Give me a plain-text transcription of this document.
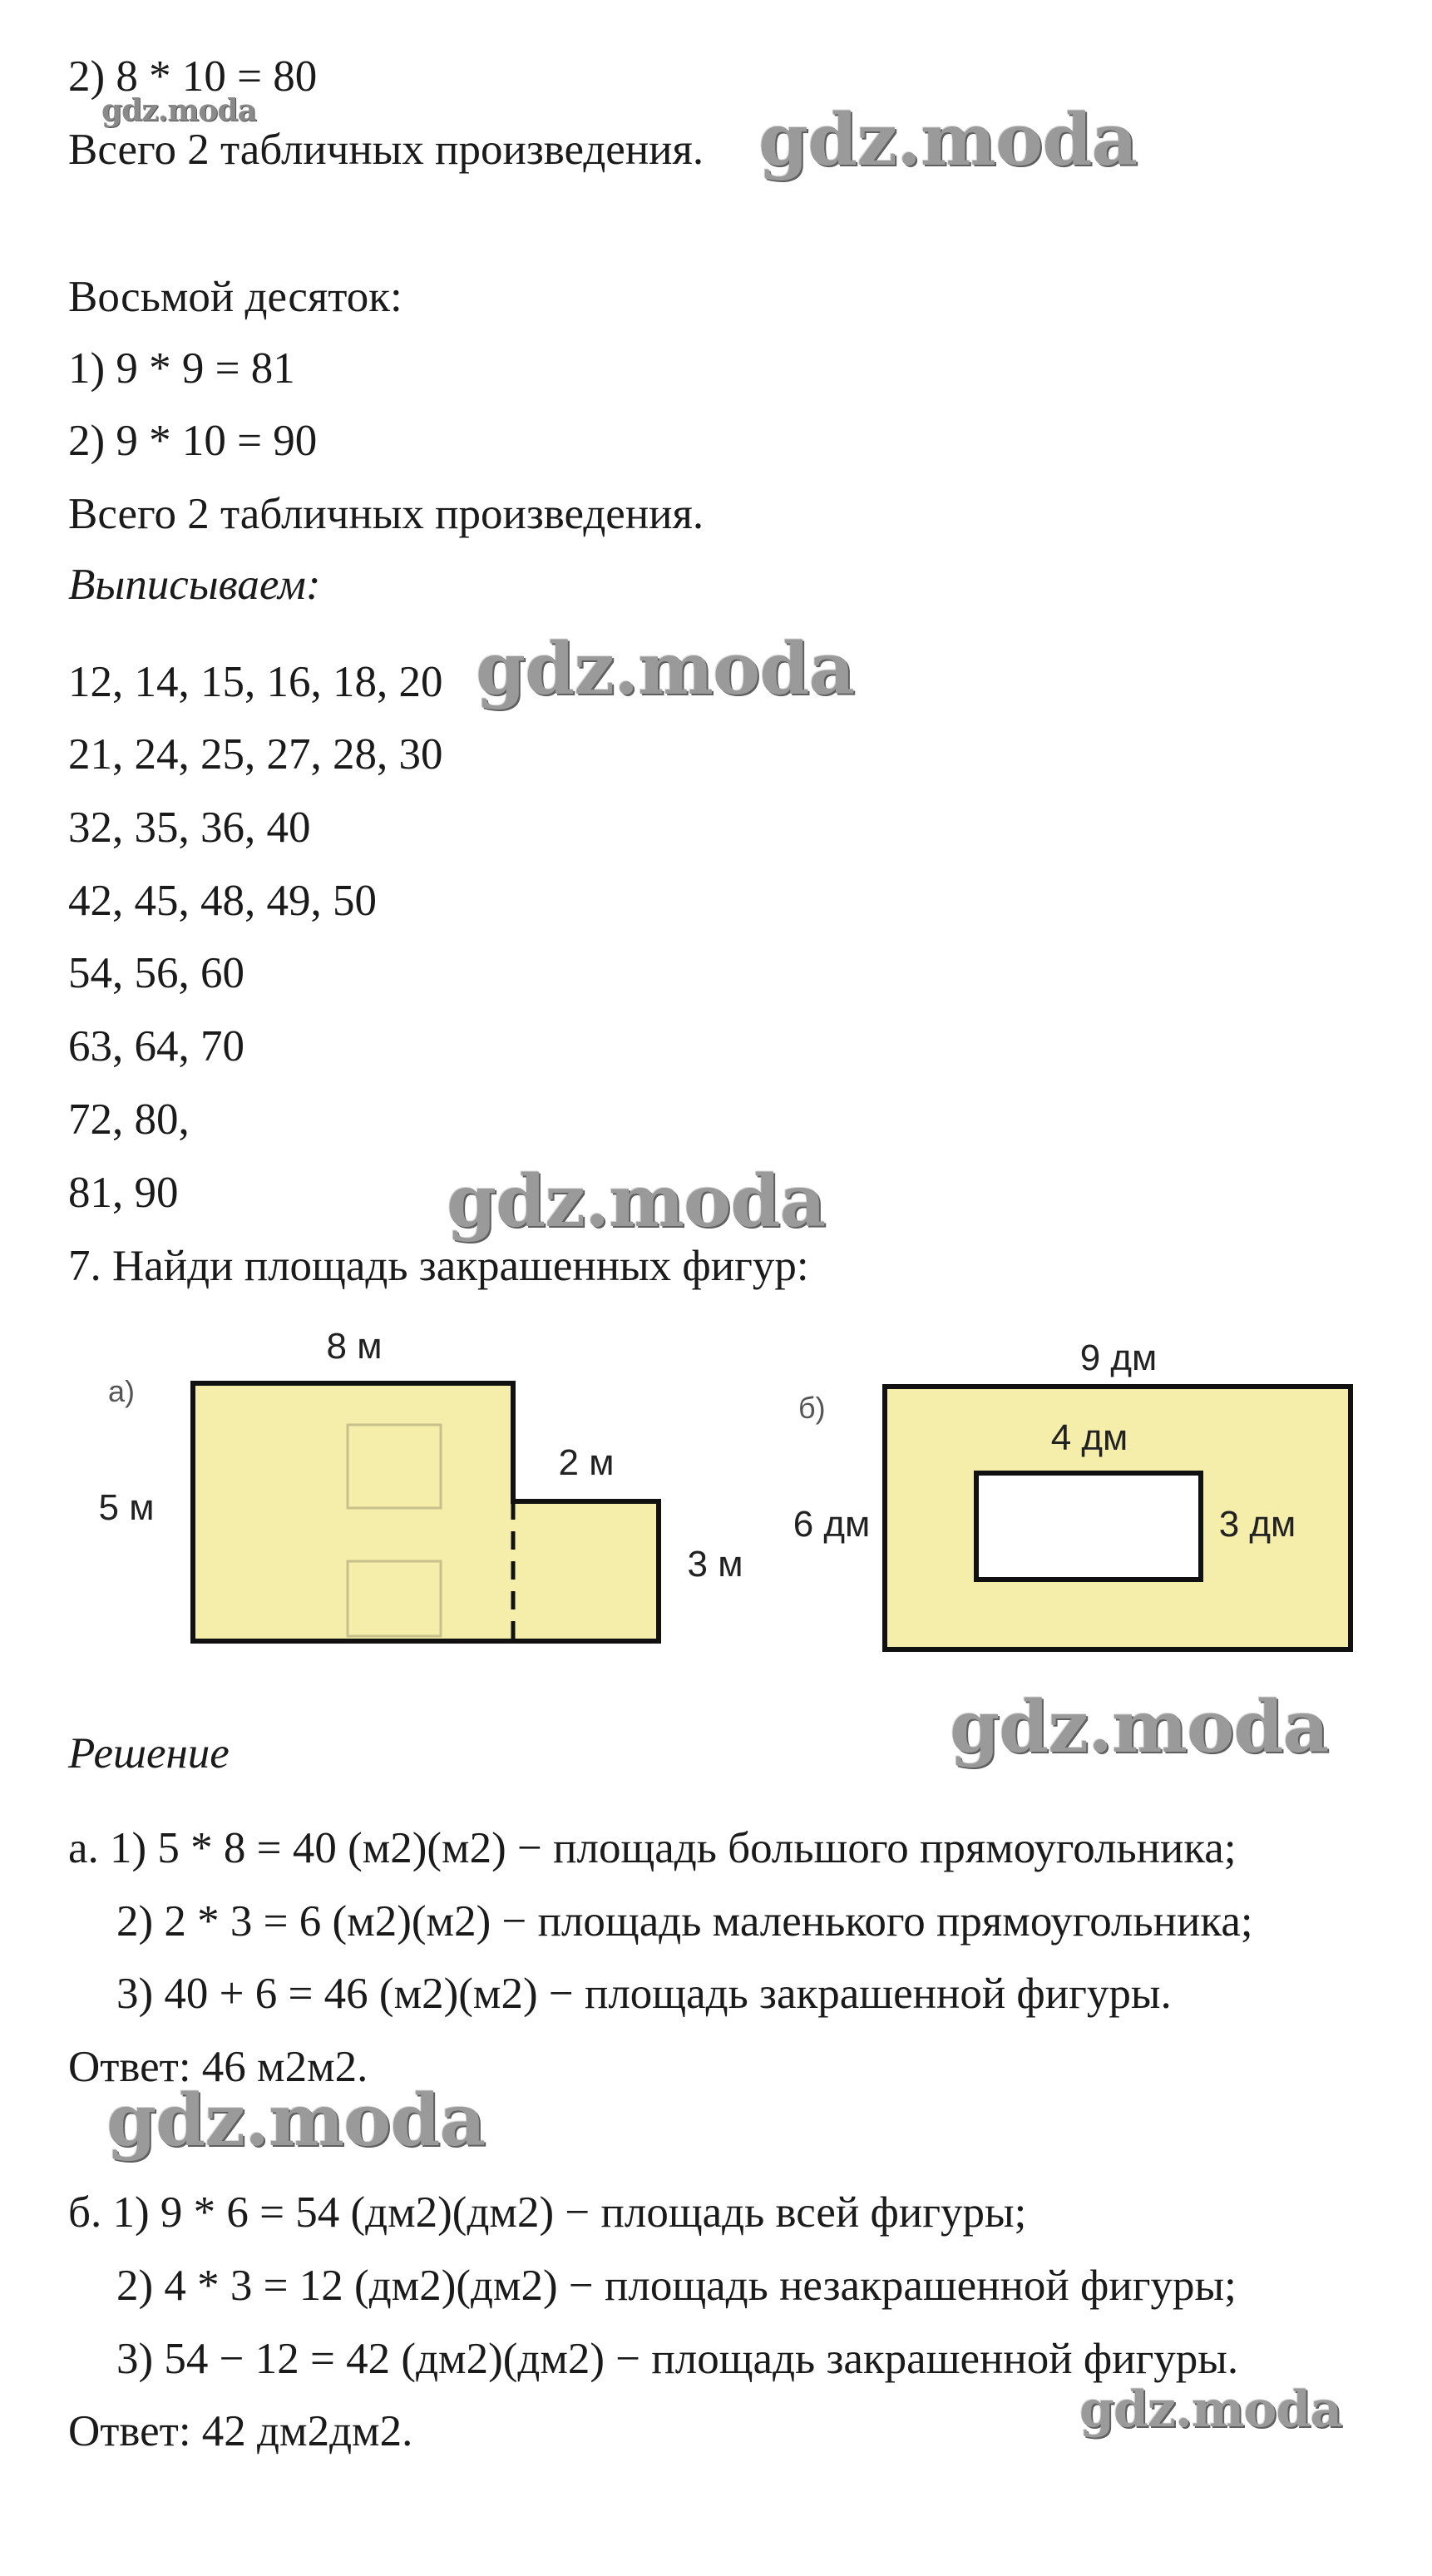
2) 8 * 10 = 80
gdz.moda
Всего 2 табличных произведения. gdz.moda
Восьмой десяток:
1) 9 * 9 = 81
2) 9 * 10 = 90
Всего 2 табличных произведения.
Выписываем:
12, 14, 15, 16, 18, 20 gdz.moda
21, 24, 25, 27, 28, 30
32, 35, 36, 40
42, 45, 48, 49, 50
54, 56, 60
63, 64, 70
72, 80,
81, 90	gdz.moda
7. Найди площадь закрашенных фигур:
а)
8 м
5 м
2 м
3 м
б)
9 дм
4 дм
6 дм	3 дм
Решение	gdz.moda
а. 1) 5 * 8 = 40 (м2)(м2) − площадь большого прямоугольника;
2) 2 * 3 = 6 (м2)(м2) − площадь маленького прямоугольника;
3) 40 + 6 = 46 (м2)(м2) − площадь закрашенной фигуры.
Ответ: 46 м2м2.
gdz.moda
б. 1) 9 * 6 = 54 (дм2)(дм2) − площадь всей фигуры;
2) 4 * 3 = 12 (дм2)(дм2) − площадь незакрашенной фигуры;
3) 54 − 12 = 42 (дм2)(дм2) − площадь закрашенной фигуры.
gdz.moda
Ответ: 42 дм2дм2.
